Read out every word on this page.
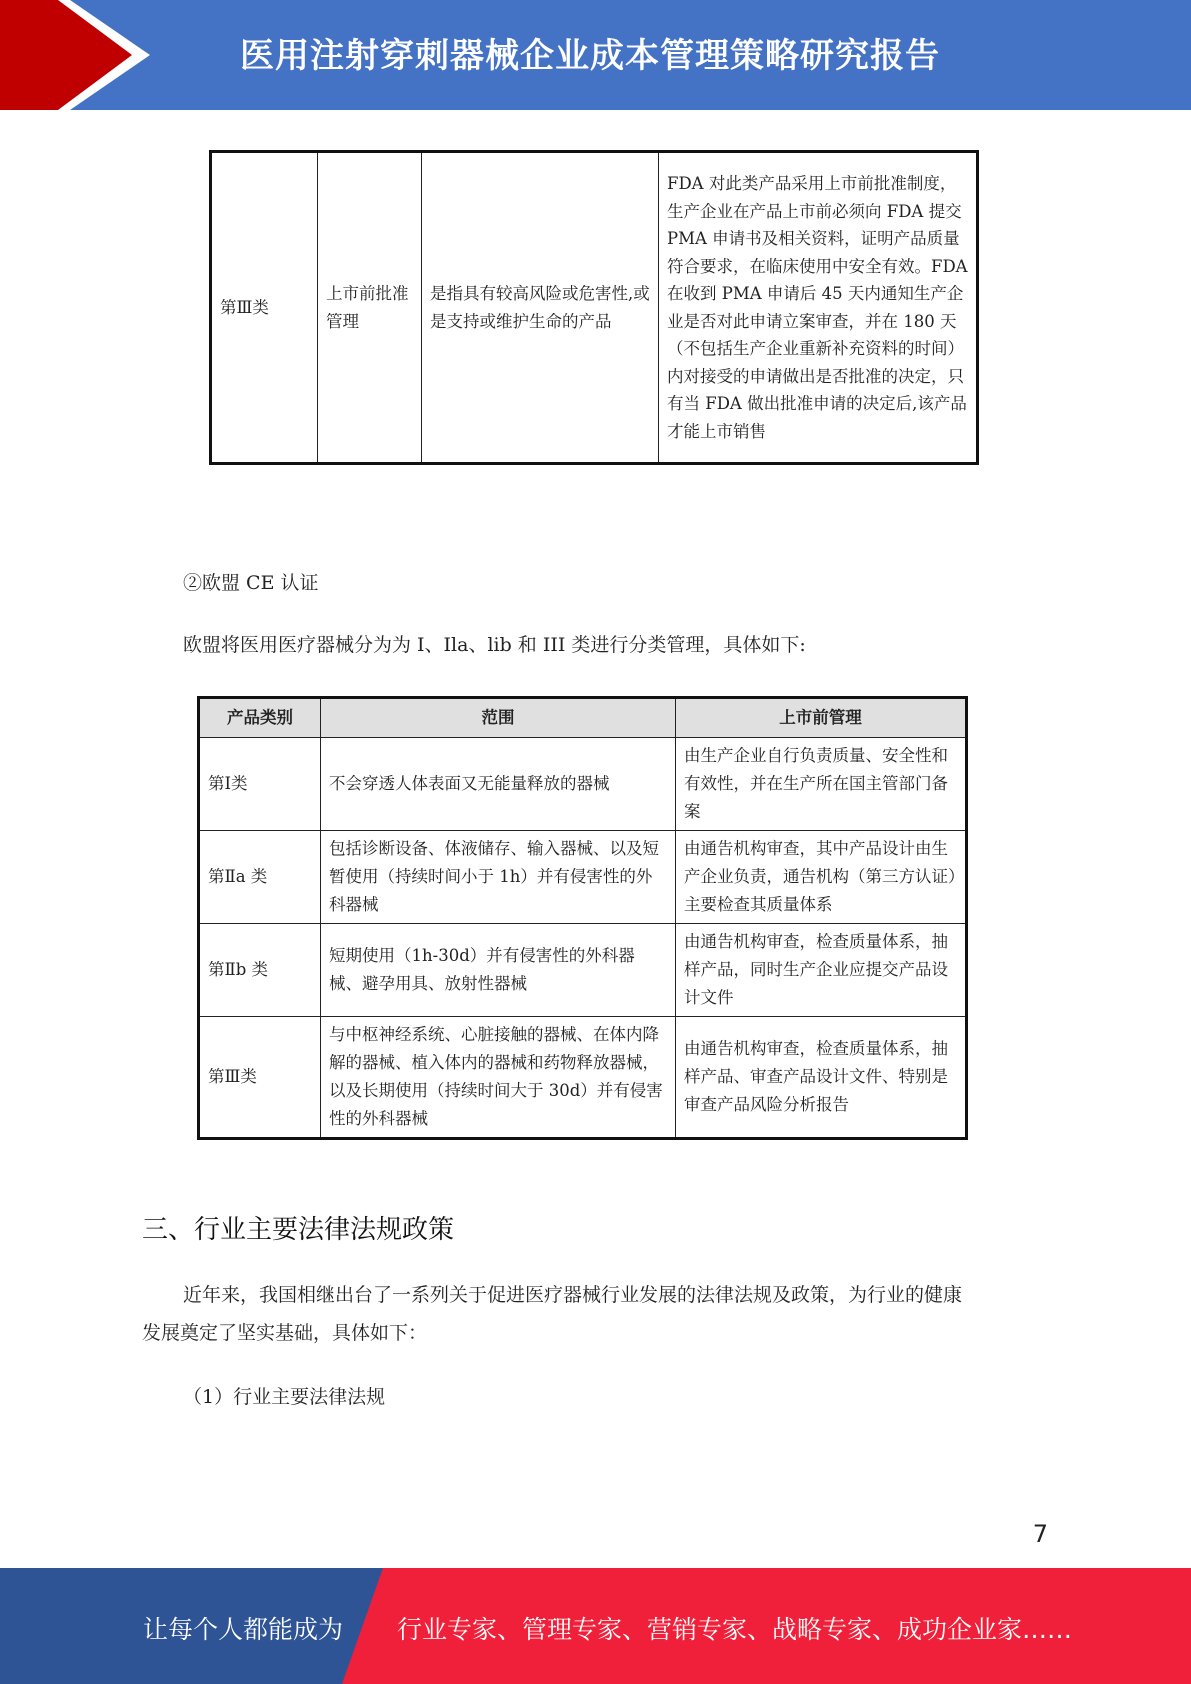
医用注射穿刺器械企业成本管理策略研究报告
第Ⅲ类	上市前批准管理	是指具有较高风险或危害性,或是支持或维护生命的产品	FDA 对此类产品采用上市前批准制度，生产企业在产品上市前必须向 FDA 提交 PMA 申请书及相关资料，证明产品质量符合要求，在临床使用中安全有效。FDA 在收到 PMA 申请后 45 天内通知生产企业是否对此申请立案审查，并在 180 天（不包括生产企业重新补充资料的时间）内对接受的申请做出是否批准的决定，只有当 FDA 做出批准申请的决定后,该产品才能上市销售
②欧盟 CE 认证
欧盟将医用医疗器械分为为 I、Ila、lib 和 III 类进行分类管理，具体如下:
产品类别	范围	上市前管理
第Ⅰ类	不会穿透人体表面又无能量释放的器械	由生产企业自行负责质量、安全性和有效性，并在生产所在国主管部门备案
第Ⅱa 类	包括诊断设备、体液储存、输入器械、以及短暂使用（持续时间小于 1h）并有侵害性的外科器械	由通告机构审查，其中产品设计由生产企业负责，通告机构（第三方认证）主要检查其质量体系
第Ⅱb 类	短期使用（1h-30d）并有侵害性的外科器械、避孕用具、放射性器械	由通告机构审查，检查质量体系，抽样产品，同时生产企业应提交产品设计文件
第Ⅲ类	与中枢神经系统、心脏接触的器械、在体内降解的器械、植入体内的器械和药物释放器械，以及长期使用（持续时间大于 30d）并有侵害性的外科器械	由通告机构审查，检查质量体系，抽样产品、审查产品设计文件、特别是审查产品风险分析报告
三、行业主要法律法规政策
近年来，我国相继出台了一系列关于促进医疗器械行业发展的法律法规及政策，为行业的健康
发展奠定了坚实基础，具体如下：
（1）行业主要法律法规
7
让每个人都能成为 行业专家、管理专家、营销专家、战略专家、成功企业家……
